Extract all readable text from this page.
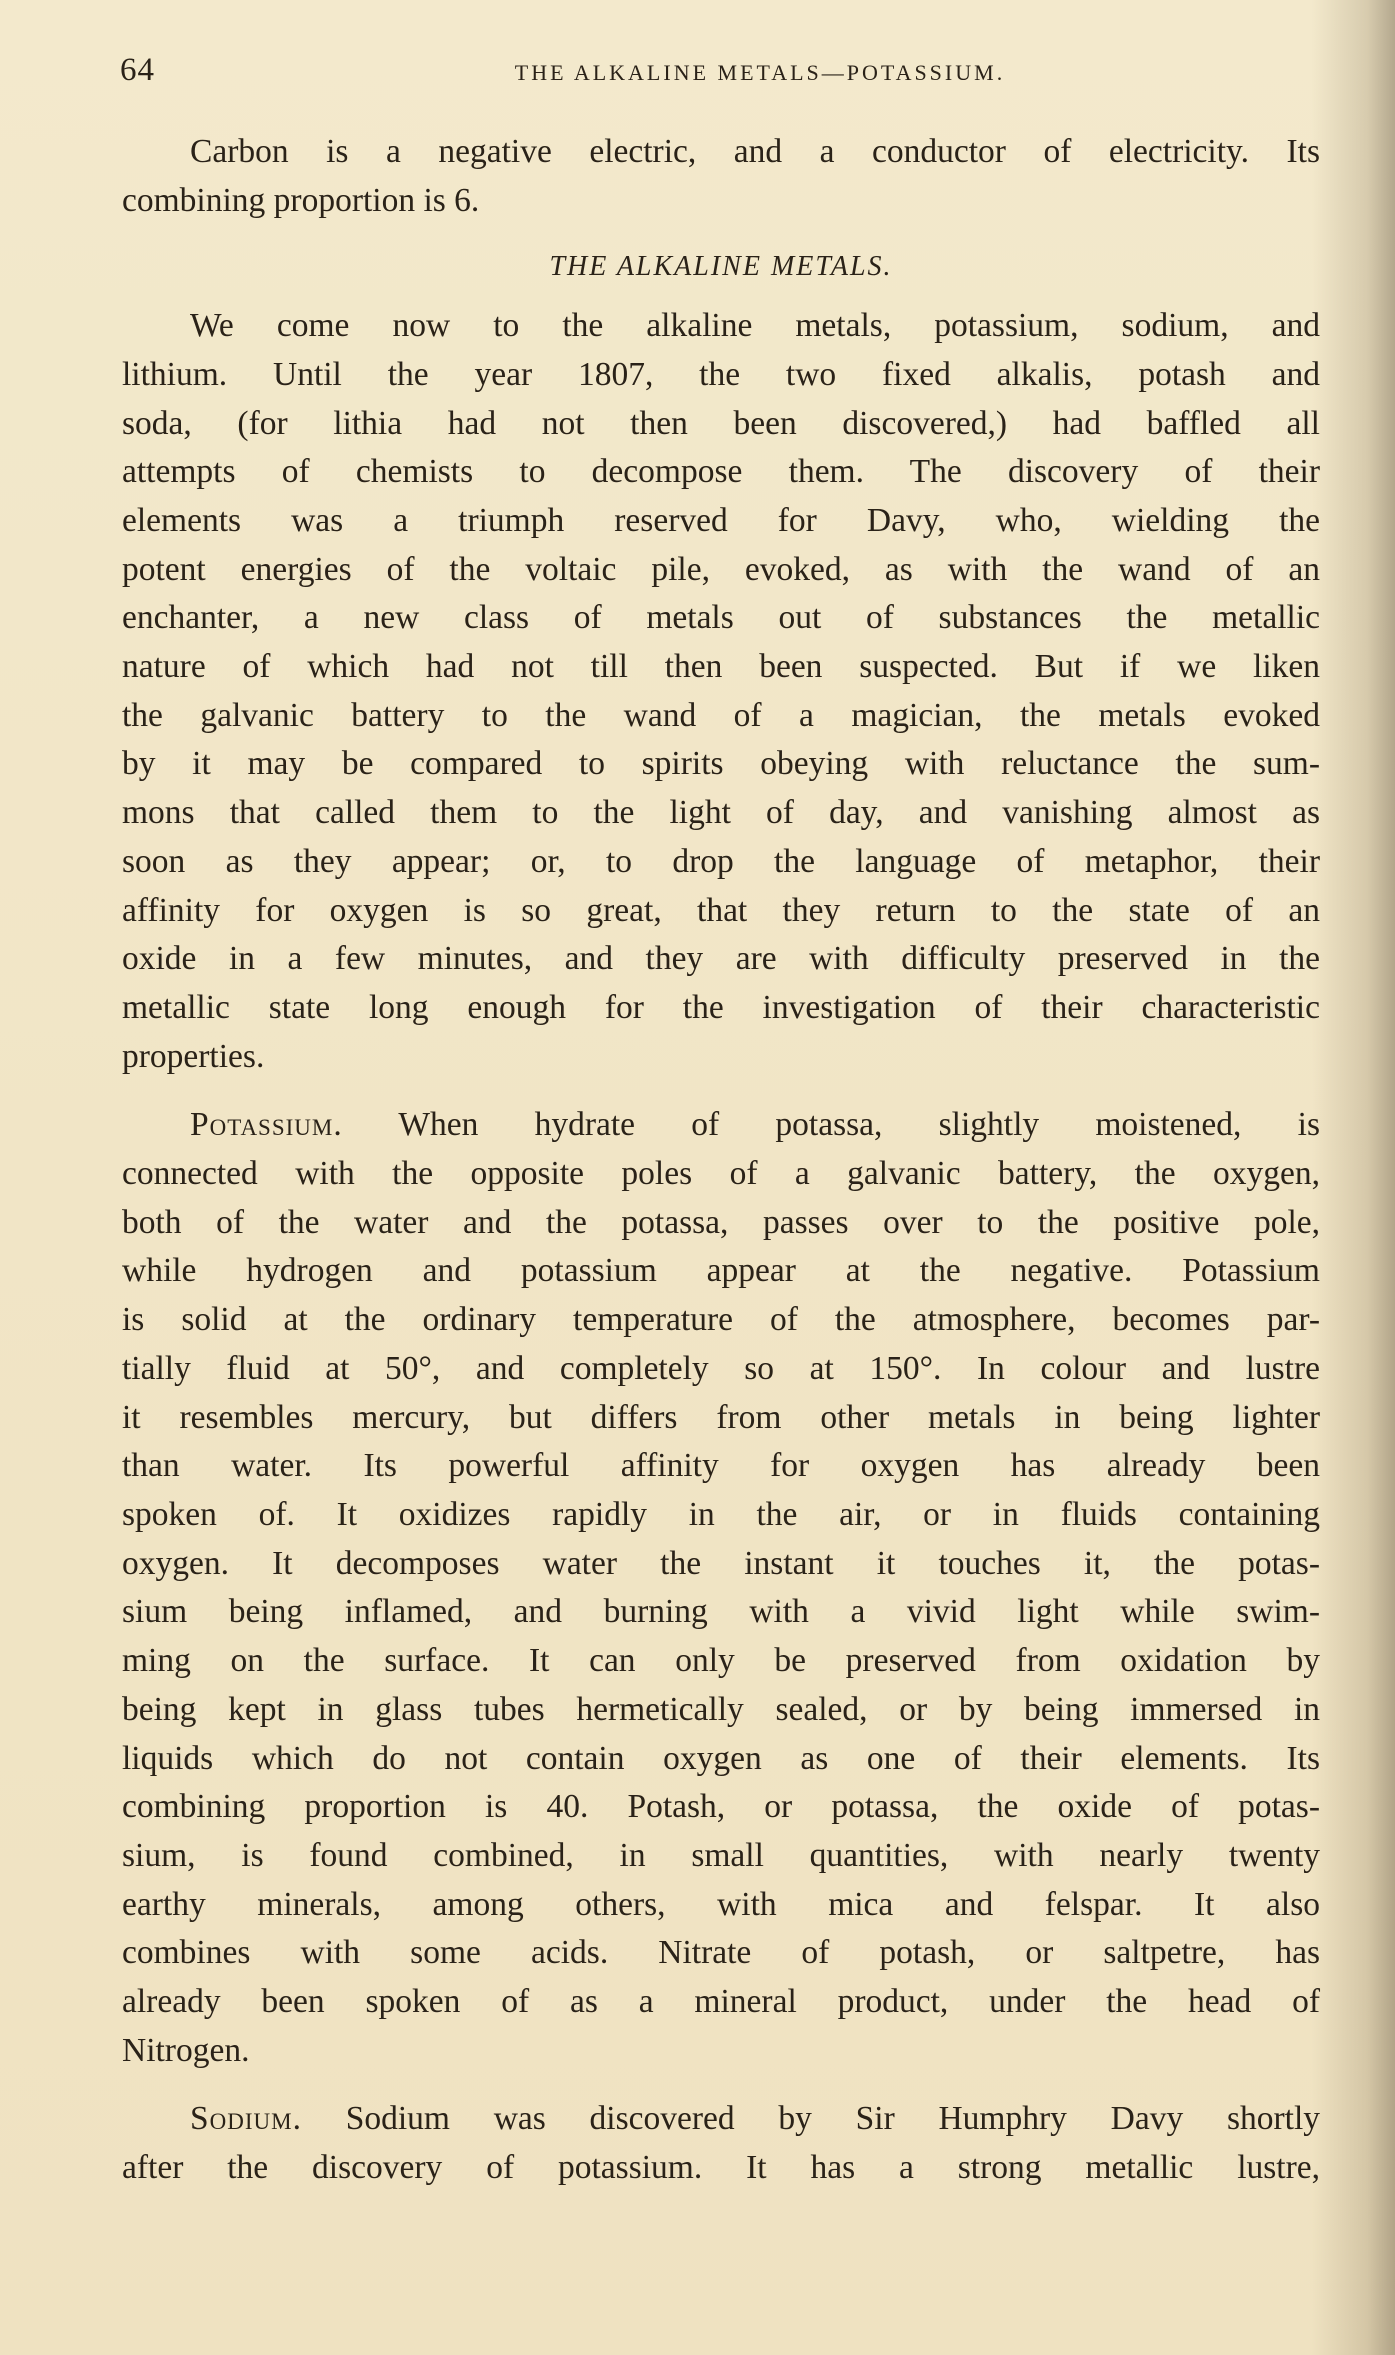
64	THE ALKALINE METALS—POTASSIUM.
Carbon is a negative electric, and a conductor of electricity. Its
combining proportion is 6.
THE ALKALINE METALS.
We come now to the alkaline metals, potassium, sodium, and
lithium. Until the year 1807, the two fixed alkalis, potash and
soda, (for lithia had not then been discovered,) had baffled all
attempts of chemists to decompose them. The discovery of their
elements was a triumph reserved for Davy, who, wielding the
potent energies of the voltaic pile, evoked, as with the wand of an
enchanter, a new class of metals out of substances the metallic
nature of which had not till then been suspected. But if we liken
the galvanic battery to the wand of a magician, the metals evoked
by it may be compared to spirits obeying with reluctance the sum-
mons that called them to the light of day, and vanishing almost as
soon as they appear; or, to drop the language of metaphor, their
affinity for oxygen is so great, that they return to the state of an
oxide in a few minutes, and they are with difficulty preserved in the
metallic state long enough for the investigation of their characteristic
properties.
Potassium. When hydrate of potassa, slightly moistened, is
connected with the opposite poles of a galvanic battery, the oxygen,
both of the water and the potassa, passes over to the positive pole,
while hydrogen and potassium appear at the negative. Potassium
is solid at the ordinary temperature of the atmosphere, becomes par-
tially fluid at 50°, and completely so at 150°. In colour and lustre
it resembles mercury, but differs from other metals in being lighter
than water. Its powerful affinity for oxygen has already been
spoken of. It oxidizes rapidly in the air, or in fluids containing
oxygen. It decomposes water the instant it touches it, the potas-
sium being inflamed, and burning with a vivid light while swim-
ming on the surface. It can only be preserved from oxidation by
being kept in glass tubes hermetically sealed, or by being immersed in
liquids which do not contain oxygen as one of their elements. Its
combining proportion is 40. Potash, or potassa, the oxide of potas-
sium, is found combined, in small quantities, with nearly twenty
earthy minerals, among others, with mica and felspar. It also
combines with some acids. Nitrate of potash, or saltpetre, has
already been spoken of as a mineral product, under the head of
Nitrogen.
Sodium. Sodium was discovered by Sir Humphry Davy shortly
after the discovery of potassium. It has a strong metallic lustre,
